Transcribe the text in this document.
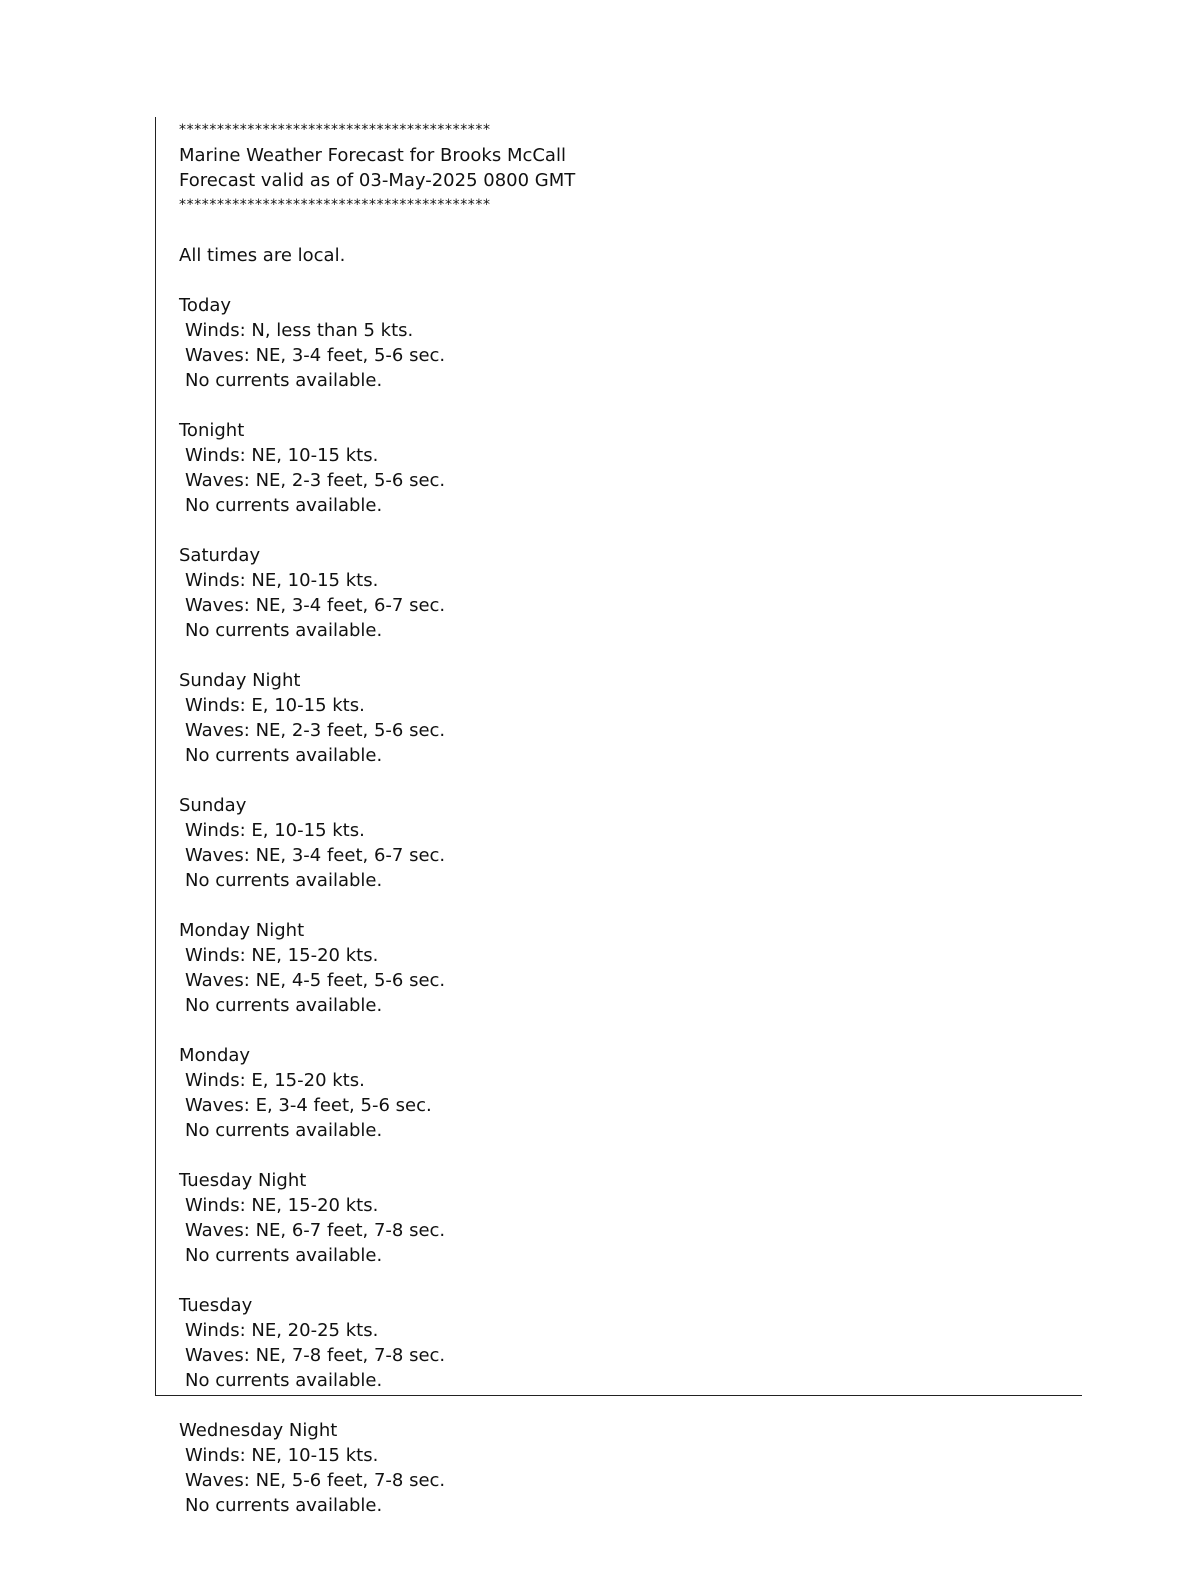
*****************************************
Marine Weather Forecast for Brooks McCall
Forecast valid as of 03-May-2025 0800 GMT
*****************************************
All times are local.
Today
Winds: N, less than 5 kts.
Waves: NE, 3-4 feet, 5-6 sec.
No currents available.
Tonight
Winds: NE, 10-15 kts.
Waves: NE, 2-3 feet, 5-6 sec.
No currents available.
Saturday
Winds: NE, 10-15 kts.
Waves: NE, 3-4 feet, 6-7 sec.
No currents available.
Sunday Night
Winds: E, 10-15 kts.
Waves: NE, 2-3 feet, 5-6 sec.
No currents available.
Sunday
Winds: E, 10-15 kts.
Waves: NE, 3-4 feet, 6-7 sec.
No currents available.
Monday Night
Winds: NE, 15-20 kts.
Waves: NE, 4-5 feet, 5-6 sec.
No currents available.
Monday
Winds: E, 15-20 kts.
Waves: E, 3-4 feet, 5-6 sec.
No currents available.
Tuesday Night
Winds: NE, 15-20 kts.
Waves: NE, 6-7 feet, 7-8 sec.
No currents available.
Tuesday
Winds: NE, 20-25 kts.
Waves: NE, 7-8 feet, 7-8 sec.
No currents available.
Wednesday Night
Winds: NE, 10-15 kts.
Waves: NE, 5-6 feet, 7-8 sec.
No currents available.
